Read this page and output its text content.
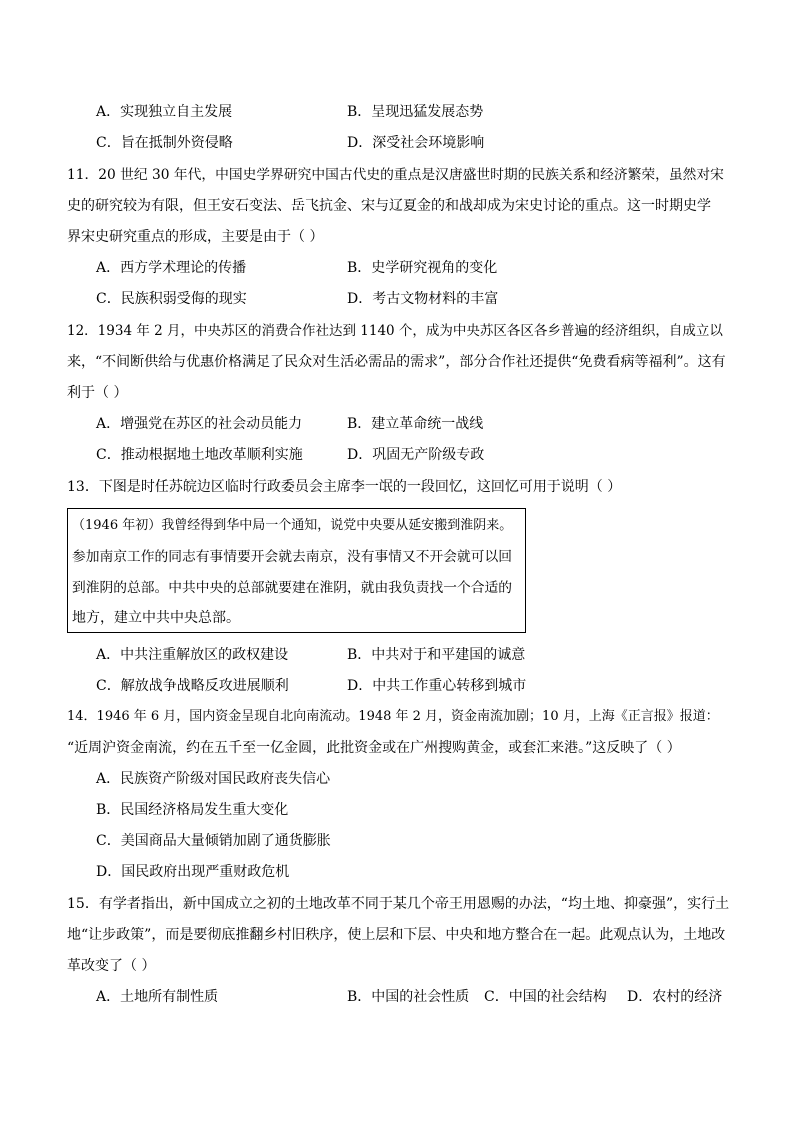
A．实现独立自主发展	B．呈现迅猛发展态势
C．旨在抵制外资侵略	D．深受社会环境影响
11．20 世纪 30 年代，中国史学界研究中国古代史的重点是汉唐盛世时期的民族关系和经济繁荣，虽然对宋
史的研究较为有限，但王安石变法、岳飞抗金、宋与辽夏金的和战却成为宋史讨论的重点。这一时期史学
界宋史研究重点的形成，主要是由于（ ）
A．西方学术理论的传播	B．史学研究视角的变化
C．民族积弱受侮的现实	D．考古文物材料的丰富
12．1934 年 2 月，中央苏区的消费合作社达到 1140 个，成为中央苏区各区各乡普遍的经济组织，自成立以
来，“不间断供给与优惠价格满足了民众对生活必需品的需求”，部分合作社还提供“免费看病等福利”。这有
利于（ ）
A．增强党在苏区的社会动员能力	B．建立革命统一战线
C．推动根据地土地改革顺利实施	D．巩固无产阶级专政
13．下图是时任苏皖边区临时行政委员会主席李一氓的一段回忆，这回忆可用于说明（ ）
（1946 年初）我曾经得到华中局一个通知，说党中央要从延安搬到淮阴来。
参加南京工作的同志有事情要开会就去南京，没有事情又不开会就可以回
到淮阴的总部。中共中央的总部就要建在淮阴，就由我负责找一个合适的
地方，建立中共中央总部。
A．中共注重解放区的政权建设	B．中共对于和平建国的诚意
C．解放战争战略反攻进展顺利	D．中共工作重心转移到城市
14．1946 年 6 月，国内资金呈现自北向南流动。1948 年 2 月，资金南流加剧；10 月，上海《正言报》报道：
“近周沪资金南流，约在五千至一亿金圆，此批资金或在广州搜购黄金，或套汇来港。”这反映了（ ）
A．民族资产阶级对国民政府丧失信心
B．民国经济格局发生重大变化
C．美国商品大量倾销加剧了通货膨胀
D．国民政府出现严重财政危机
15．有学者指出，新中国成立之初的土地改革不同于某几个帝王用恩赐的办法，“均土地、抑豪强”，实行土
地“让步政策”，而是要彻底推翻乡村旧秩序，使上层和下层、中央和地方整合在一起。此观点认为，土地改
革改变了（ ）
A．土地所有制性质	B．中国的社会性质 C．中国的社会结构 D．农村的经济
